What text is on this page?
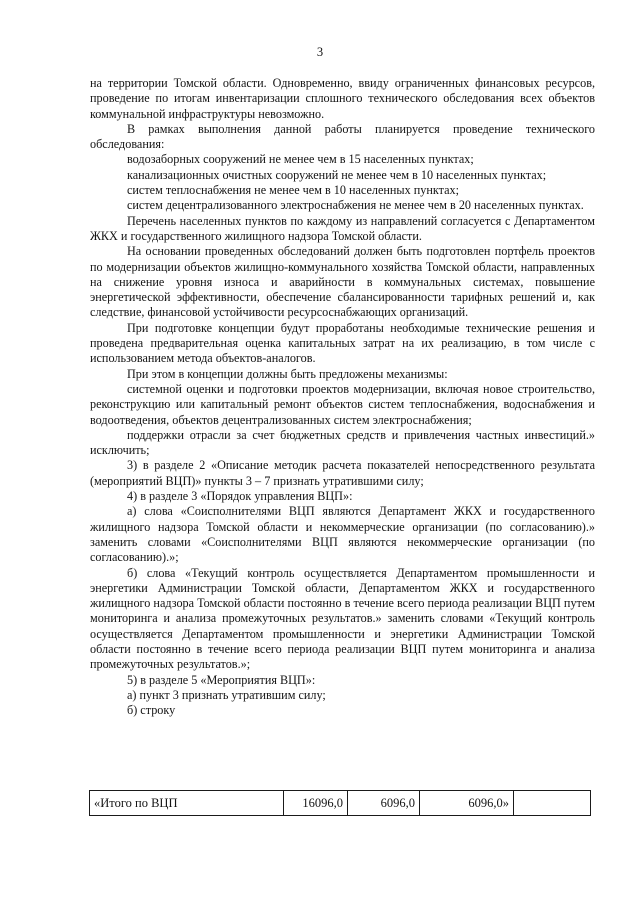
3

на территории Томской области. Одновременно, ввиду ограниченных финансовых ресурсов, проведение по итогам инвентаризации сплошного технического обследования всех объектов коммунальной инфраструктуры невозможно.

В рамках выполнения данной работы планируется проведение технического обследования:

водозаборных сооружений не менее чем в 15 населенных пунктах;

канализационных очистных сооружений не менее чем в 10 населенных пунктах;

систем теплоснабжения не менее чем в 10 населенных пунктах;

систем децентрализованного электроснабжения не менее чем в 20 населенных пунктах.

Перечень населенных пунктов по каждому из направлений согласуется с Департаментом ЖКХ и государственного жилищного надзора Томской области.

На основании проведенных обследований должен быть подготовлен портфель проектов по модернизации объектов жилищно-коммунального хозяйства Томской области, направленных на снижение уровня износа и аварийности в коммунальных системах, повышение энергетической эффективности, обеспечение сбалансированности тарифных решений и, как следствие, финансовой устойчивости ресурсоснабжающих организаций.

При подготовке концепции будут проработаны необходимые технические решения и проведена предварительная оценка капитальных затрат на их реализацию, в том числе с использованием метода объектов-аналогов.

При этом в концепции должны быть предложены механизмы:

системной оценки и подготовки проектов модернизации, включая новое строительство, реконструкцию или капитальный ремонт объектов систем теплоснабжения, водоснабжения и водоотведения, объектов децентрализованных систем электроснабжения;

поддержки отрасли за счет бюджетных средств и привлечения частных инвестиций.» исключить;

3) в разделе 2 «Описание методик расчета показателей непосредственного результата (мероприятий ВЦП)» пункты 3 – 7 признать утратившими силу;

4) в разделе 3 «Порядок управления ВЦП»:

а) слова «Соисполнителями ВЦП являются Департамент ЖКХ и государственного жилищного надзора Томской области и некоммерческие организации (по согласованию).» заменить словами «Соисполнителями ВЦП являются некоммерческие организации (по согласованию).»;

б) слова «Текущий контроль осуществляется Департаментом промышленности и энергетики Администрации Томской области, Департаментом ЖКХ и государственного жилищного надзора Томской области постоянно в течение всего периода реализации ВЦП путем мониторинга и анализа промежуточных результатов.» заменить словами «Текущий контроль осуществляется Департаментом промышленности и энергетики Администрации Томской области постоянно в течение всего периода реализации ВЦП путем мониторинга и анализа промежуточных результатов.»;

5) в разделе 5 «Мероприятия ВЦП»:

а) пункт 3 признать утратившим силу;

б) строку

«Итого по ВЦП	16096,0	6096,0	6096,0»	
